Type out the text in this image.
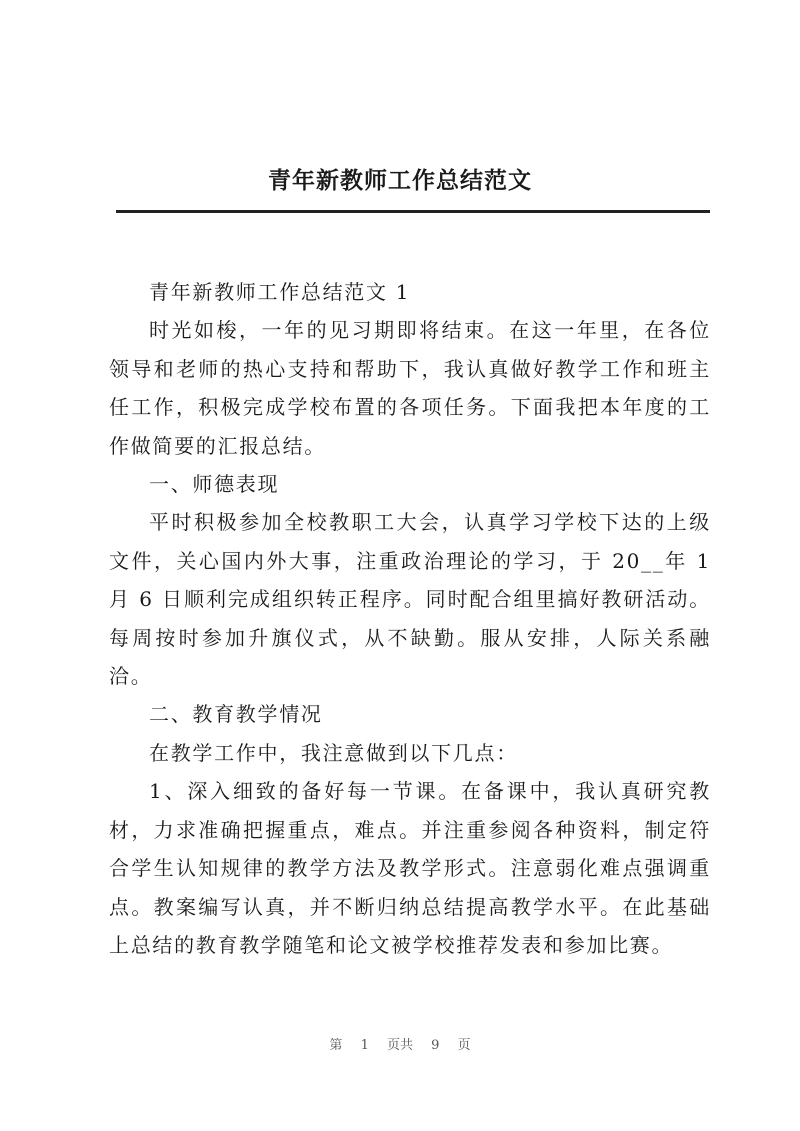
青年新教师工作总结范文

青年新教师工作总结范文 1

时光如梭，一年的见习期即将结束。在这一年里，在各位领导和老师的热心支持和帮助下，我认真做好教学工作和班主任工作，积极完成学校布置的各项任务。下面我把本年度的工作做简要的汇报总结。

一、师德表现

平时积极参加全校教职工大会，认真学习学校下达的上级文件，关心国内外大事，注重政治理论的学习，于 20__年 1 月 6 日顺利完成组织转正程序。同时配合组里搞好教研活动。每周按时参加升旗仪式，从不缺勤。服从安排，人际关系融洽。

二、教育教学情况

在教学工作中，我注意做到以下几点：

1、深入细致的备好每一节课。在备课中，我认真研究教材，力求准确把握重点，难点。并注重参阅各种资料，制定符合学生认知规律的教学方法及教学形式。注意弱化难点强调重点。教案编写认真，并不断归纳总结提高教学水平。在此基础上总结的教育教学随笔和论文被学校推荐发表和参加比赛。

第 1 页共 9 页
